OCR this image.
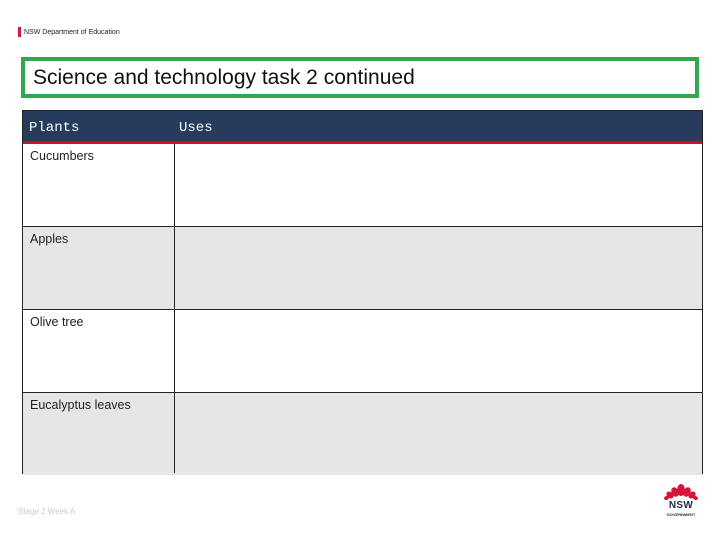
NSW Department of Education
Science and technology task 2 continued
Plants	Uses
Cucumbers
Apples
Olive tree
Eucalyptus leaves
Stage 2 Week A
NSW
GOVERNMENT
